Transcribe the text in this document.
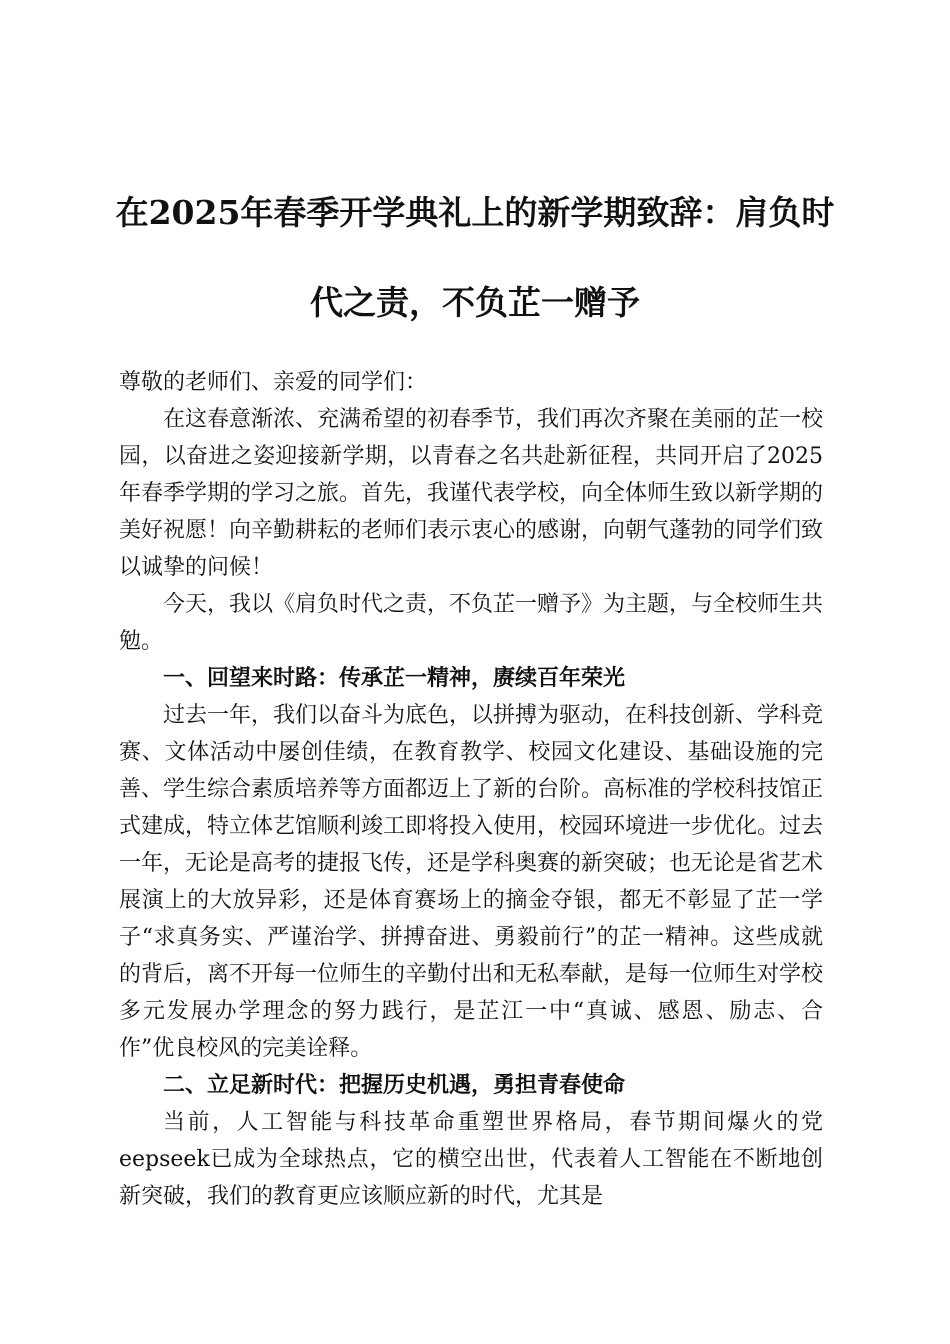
在2025年春季开学典礼上的新学期致辞：肩负时代之责，不负芷一赠予

尊敬的老师们、亲爱的同学们：

在这春意渐浓、充满希望的初春季节，我们再次齐聚在美丽的芷一校园，以奋进之姿迎接新学期，以青春之名共赴新征程，共同开启了2025年春季学期的学习之旅。首先，我谨代表学校，向全体师生致以新学期的美好祝愿！向辛勤耕耘的老师们表示衷心的感谢，向朝气蓬勃的同学们致以诚挚的问候！

今天，我以《肩负时代之责，不负芷一赠予》为主题，与全校师生共勉。

一、回望来时路：传承芷一精神，赓续百年荣光

过去一年，我们以奋斗为底色，以拼搏为驱动，在科技创新、学科竞赛、文体活动中屡创佳绩，在教育教学、校园文化建设、基础设施的完善、学生综合素质培养等方面都迈上了新的台阶。高标准的学校科技馆正式建成，特立体艺馆顺利竣工即将投入使用，校园环境进一步优化。过去一年，无论是高考的捷报飞传，还是学科奥赛的新突破；也无论是省艺术展演上的大放异彩，还是体育赛场上的摘金夺银，都无不彰显了芷一学子“求真务实、严谨治学、拼搏奋进、勇毅前行”的芷一精神。这些成就的背后，离不开每一位师生的辛勤付出和无私奉献，是每一位师生对学校多元发展办学理念的努力践行，是芷江一中“真诚、感恩、励志、合作”优良校风的完美诠释。

二、立足新时代：把握历史机遇，勇担青春使命

当前，人工智能与科技革命重塑世界格局，春节期间爆火的党eepseek已成为全球热点，它的横空出世，代表着人工智能在不断地创新突破，我们的教育更应该顺应新的时代，尤其是
